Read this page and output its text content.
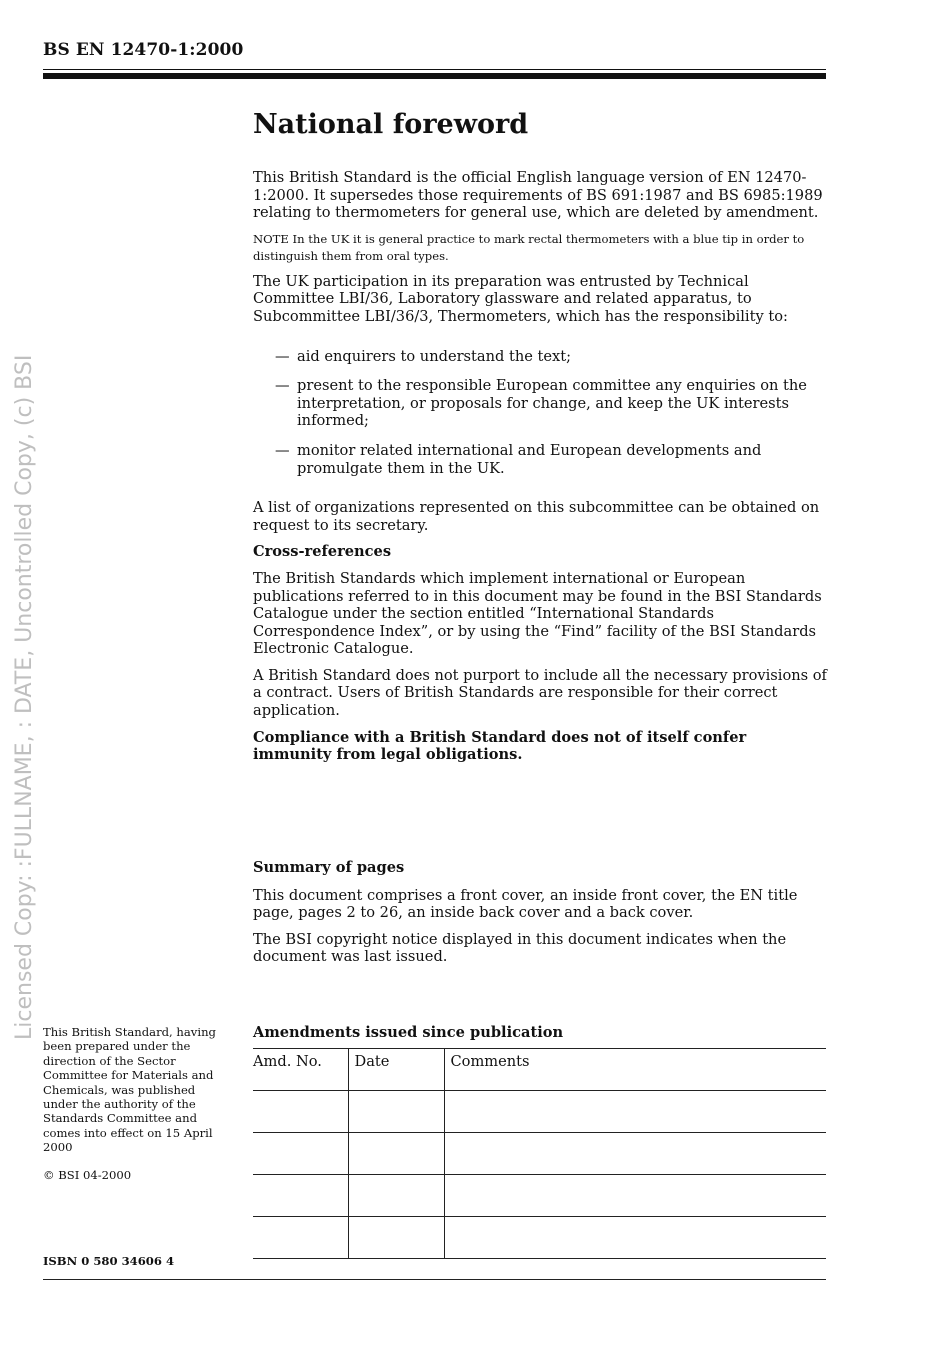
BS EN 12470-1:2000
Licensed Copy: :FULLNAME, : DATE, Uncontrolled Copy, (c) BSI
National foreword

This British Standard is the official English language version of EN 12470-1:2000. It supersedes those requirements of BS 691:1987 and BS 6985:1989 relating to thermometers for general use, which are deleted by amendment.

NOTE In the UK it is general practice to mark rectal thermometers with a blue tip in order to distinguish them from oral types.

The UK participation in its preparation was entrusted by Technical Committee LBI/36, Laboratory glassware and related apparatus, to Subcommittee LBI/36/3, Thermometers, which has the responsibility to:

— aid enquirers to understand the text;
— present to the responsible European committee any enquiries on the interpretation, or proposals for change, and keep the UK interests informed;
— monitor related international and European developments and promulgate them in the UK.

A list of organizations represented on this subcommittee can be obtained on request to its secretary.

Cross-references

The British Standards which implement international or European publications referred to in this document may be found in the BSI Standards Catalogue under the section entitled “International Standards Correspondence Index”, or by using the “Find” facility of the BSI Standards Electronic Catalogue.

A British Standard does not purport to include all the necessary provisions of a contract. Users of British Standards are responsible for their correct application.

Compliance with a British Standard does not of itself confer immunity from legal obligations.

Summary of pages

This document comprises a front cover, an inside front cover, the EN title page, pages 2 to 26, an inside back cover and a back cover.

The BSI copyright notice displayed in this document indicates when the document was last issued.

This British Standard, having been prepared under the direction of the Sector Committee for Materials and Chemicals, was published under the authority of the Standards Committee and comes into effect on 15 April 2000
© BSI 04-2000
ISBN 0 580 34606 4
Amendments issued since publication
Amd. No.	Date	Comments
